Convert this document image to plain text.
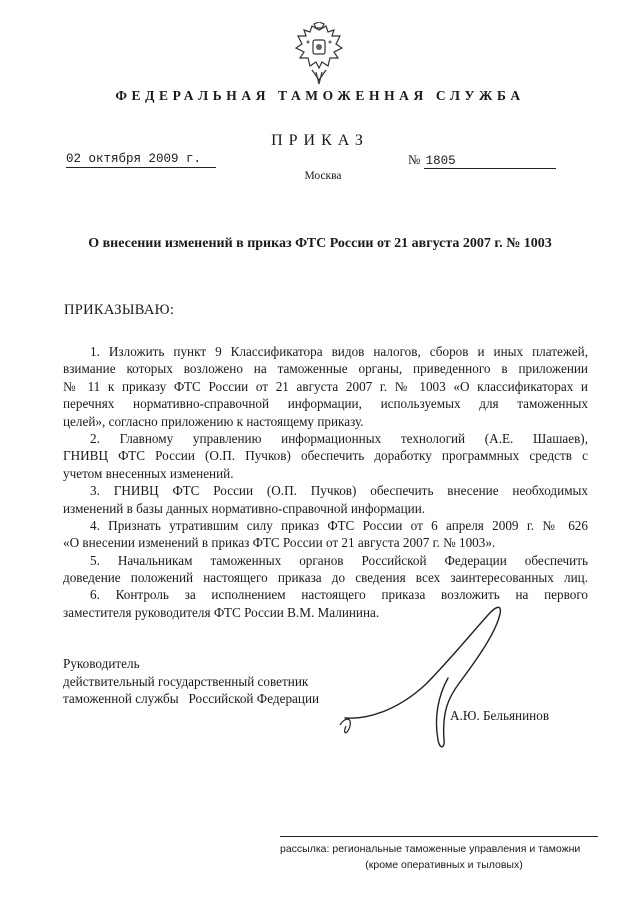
ФЕДЕРАЛЬНАЯ ТАМОЖЕННАЯ СЛУЖБА
ПРИКАЗ
02 октября 2009 г.	№ 1805
Москва
О внесении изменений в приказ ФТС России от 21 августа 2007 г. № 1003
ПРИКАЗЫВАЮ:
1. Изложить пункт 9 Классификатора видов налогов, сборов и иных платежей,
взимание которых возложено на таможенные органы, приведенного в приложении
№ 11 к приказу ФТС России от 21 августа 2007 г. № 1003 «О классификаторах и
перечнях нормативно-справочной информации, используемых для таможенных
целей», согласно приложению к настоящему приказу.
2. Главному управлению информационных технологий (А.Е. Шашаев),
ГНИВЦ ФТС России (О.П. Пучков) обеспечить доработку программных средств с
учетом внесенных изменений.
3. ГНИВЦ ФТС России (О.П. Пучков) обеспечить внесение необходимых
изменений в базы данных нормативно-справочной информации.
4. Признать утратившим силу приказ ФТС России от 6 апреля 2009 г. № 626
«О внесении изменений в приказ ФТС России от 21 августа 2007 г. № 1003».
5. Начальникам таможенных органов Российской Федерации обеспечить
доведение положений настоящего приказа до сведения всех заинтересованных лиц.
6. Контроль за исполнением настоящего приказа возложить на первого
заместителя руководителя ФТС России В.М. Малинина.
Руководитель
действительный государственный советник
таможенной службы   Российской Федерации
А.Ю. Бельянинов
рассылка: региональные таможенные управления и таможни
(кроме оперативных и тыловых)
